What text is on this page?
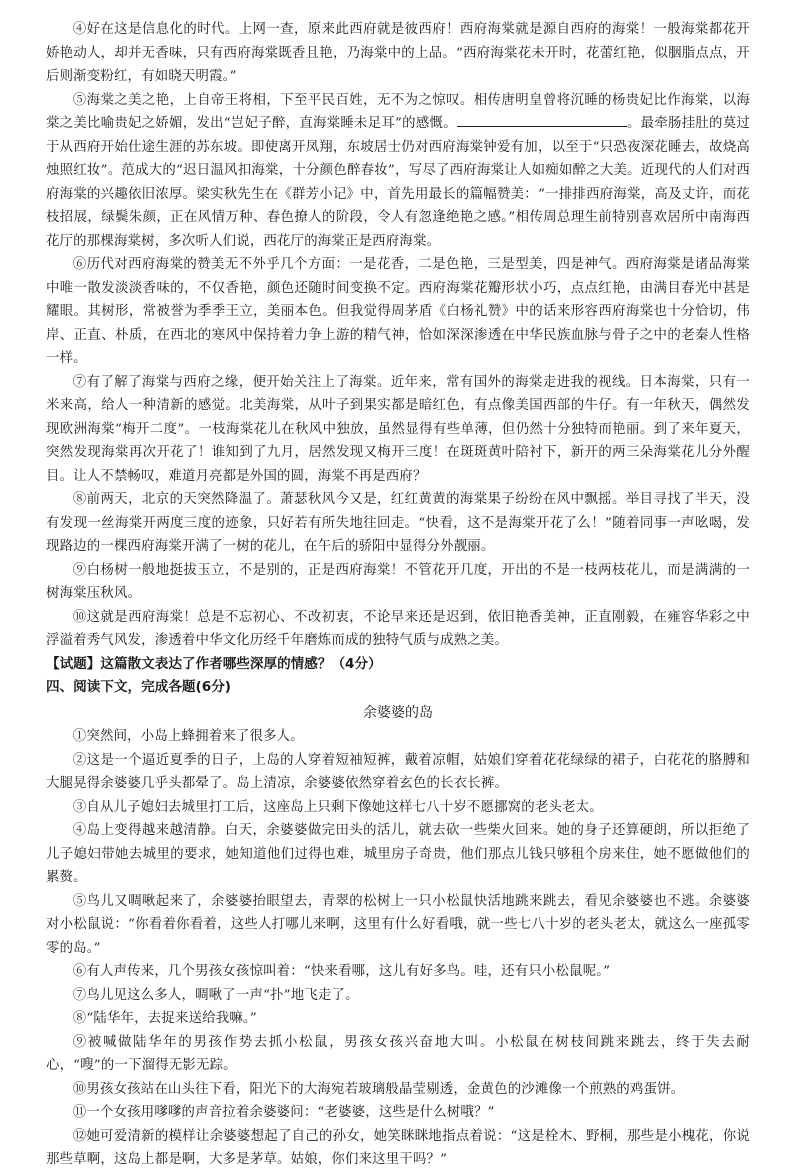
④好在这是信息化的时代。上网一查，原来此西府就是彼西府！西府海棠就是源自西府的海棠！一般海棠都花开娇艳动人，却并无香味，只有西府海棠既香且艳，乃海棠中的上品。“西府海棠花未开时，花蕾红艳，似胭脂点点，开后则渐变粉红，有如晓天明霞。”

⑤海棠之美之艳，上自帝王将相，下至平民百姓，无不为之惊叹。相传唐明皇曾将沉睡的杨贵妃比作海棠，以海棠之美比喻贵妃之娇媚，发出“岂妃子醉，直海棠睡未足耳”的感慨。	。最牵肠挂肚的莫过于从西府开始仕途生涯的苏东坡。即使离开凤翔，东坡居士仍对西府海棠钟爱有加，以至于“只恐夜深花睡去，故烧高烛照红妆”。范成大的“迟日温风扣海棠，十分颜色醉春妆”，写尽了西府海棠让人如痴如醉之大美。近现代的人们对西府海棠的兴趣依旧浓厚。梁实秋先生在《群芳小记》中，首先用最长的篇幅赞美：“一排排西府海棠，高及丈许，而花枝招展，绿鬓朱颜，正在风情万种、春色撩人的阶段，令人有忽逢绝艳之感。”相传周总理生前特别喜欢居所中南海西花厅的那棵海棠树，多次听人们说，西花厅的海棠正是西府海棠。

⑥历代对西府海棠的赞美无不外乎几个方面：一是花香，二是色艳，三是型美，四是神气。西府海棠是诸品海棠中唯一散发淡淡香味的，不仅香艳，颜色还随时间变换不定。西府海棠花瓣形状小巧，点点红艳，由满目春光中甚是耀眼。其树形，常被誉为季季王立，美丽本色。但我觉得周茅盾《白杨礼赞》中的话来形容西府海棠也十分恰切，伟岸、正直、朴质，在西北的寒风中保持着力争上游的精气神，恰如深深渗透在中华民族血脉与骨子之中的老秦人性格一样。

⑦有了解了海棠与西府之缘，便开始关注上了海棠。近年来，常有国外的海棠走进我的视线。日本海棠，只有一米来高，给人一种清新的感觉。北美海棠，从叶子到果实都是暗红色，有点像美国西部的牛仔。有一年秋天，偶然发现欧洲海棠“梅开二度”。一枝海棠花儿在秋风中独放，虽然显得有些单薄，但仍然十分独特而艳丽。到了来年夏天，突然发现海棠再次开花了！谁知到了九月，居然发现又梅开三度！在斑斑黄叶陪衬下，新开的两三朵海棠花儿分外醒目。让人不禁畅叹，难道月亮都是外国的圆，海棠不再是西府？

⑧前两天，北京的天突然降温了。萧瑟秋风今又是，红红黄黄的海棠果子纷纷在风中飘摇。举目寻找了半天，没有发现一丝海棠开两度三度的迹象，只好若有所失地往回走。“快看，这不是海棠开花了么！”随着同事一声吆喝，发现路边的一棵西府海棠开满了一树的花儿，在午后的骄阳中显得分外靓丽。

⑨白杨树一般地挺拔玉立，不是别的，正是西府海棠！不管花开几度，开出的不是一枝两枝花儿，而是满满的一树海棠压秋风。

⑩这就是西府海棠！总是不忘初心、不改初衷，不论早来还是迟到，依旧艳香美神，正直刚毅，在雍容华彩之中浮溢着秀气风发，渗透着中华文化历经千年磨炼而成的独特气质与成熟之美。

【试题】这篇散文表达了作者哪些深厚的情感？（4分）

四、阅读下文，完成各题(6分)

余婆婆的岛

①突然间，小岛上蜂拥着来了很多人。

②这是一个逼近夏季的日子，上岛的人穿着短袖短裤，戴着凉帽，姑娘们穿着花花绿绿的裙子，白花花的胳膊和大腿晃得余婆婆几乎头都晕了。岛上清凉，余婆婆依然穿着玄色的长衣长裤。

③自从儿子媳妇去城里打工后，这座岛上只剩下像她这样七八十岁不愿挪窝的老头老太。

④岛上变得越来越清静。白天，余婆婆做完田头的活儿，就去砍一些柴火回来。她的身子还算硬朗，所以拒绝了儿子媳妇带她去城里的要求，她知道他们过得也难，城里房子奇贵，他们那点儿钱只够租个房来住，她不愿做他们的累赘。

⑤鸟儿又啁啾起来了，余婆婆抬眼望去，青翠的松树上一只小松鼠快活地跳来跳去，看见余婆婆也不逃。余婆婆对小松鼠说：“你看着你看着，这些人打哪儿来啊，这里有什么好看哦，就一些七八十岁的老头老太，就这么一座孤零零的岛。”

⑥有人声传来，几个男孩女孩惊叫着：“快来看哪，这儿有好多鸟。哇，还有只小松鼠呢。”

⑦鸟儿见这么多人，啁啾了一声“扑”地飞走了。

⑧“陆华年，去捉来送给我嘛。”

⑨被喊做陆华年的男孩作势去抓小松鼠，男孩女孩兴奋地大叫。小松鼠在树枝间跳来跳去，终于失去耐心，“嗖”的一下溜得无影无踪。

⑩男孩女孩站在山头往下看，阳光下的大海宛若玻璃般晶莹剔透，金黄色的沙滩像一个煎熟的鸡蛋饼。

⑪一个女孩用嗲嗲的声音拉着余婆婆问：“老婆婆，这些是什么树哦？”

⑫她可爱清新的模样让余婆婆想起了自己的孙女，她笑眯眯地指点着说：“这是栓木、野桐，那些是小槐花，你说那些草啊，这岛上都是啊，大多是茅草。姑娘，你们来这里干吗？”
